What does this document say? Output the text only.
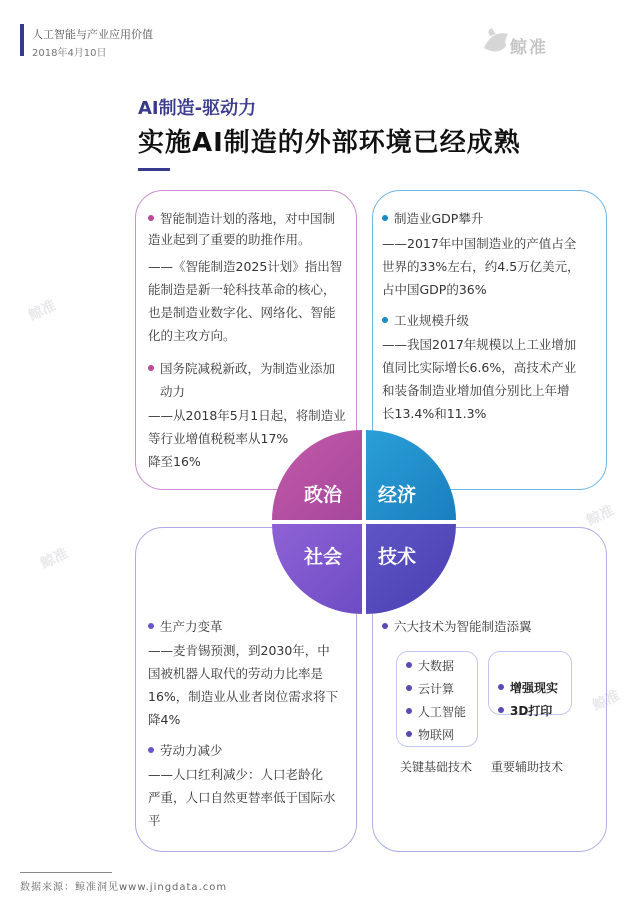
鲸准
鲸准
鲸准
鲸准
人工智能与产业应用价值
2018年4月10日	鲸准
AI制造-驱动力
实施AI制造的外部环境已经成熟
智能制造计划的落地，对中国制
造业起到了重要的助推作用。
——《智能制造2025计划》指出智
能制造是新一轮科技革命的核心，
也是制造业数字化、网络化、智能
化的主攻方向。
国务院减税新政，为制造业添加
动力
——从2018年5月1日起，将制造业
等行业增值税税率从17%
降至16%
制造业GDP攀升
——2017年中国制造业的产值占全
世界的33%左右，约4.5万亿美元，
占中国GDP的36%
工业规模升级
——我国2017年规模以上工业增加
值同比实际增长6.6%，高技术产业
和装备制造业增加值分别比上年增
长13.4%和11.3%
政治 经济
社会 技术
生产力变革
——麦肯锡预测，到2030年，中
国被机器人取代的劳动力比率是
16%，制造业从业者岗位需求将下
降4%
劳动力减少
——人口红利减少：人口老龄化
严重，人口自然更替率低于国际水
平
六大技术为智能制造添翼
大数据
云计算
人工智能
物联网
增强现实
3D打印
关键基础技术 重要辅助技术
数据来源：鲸准洞见www.jingdata.com
